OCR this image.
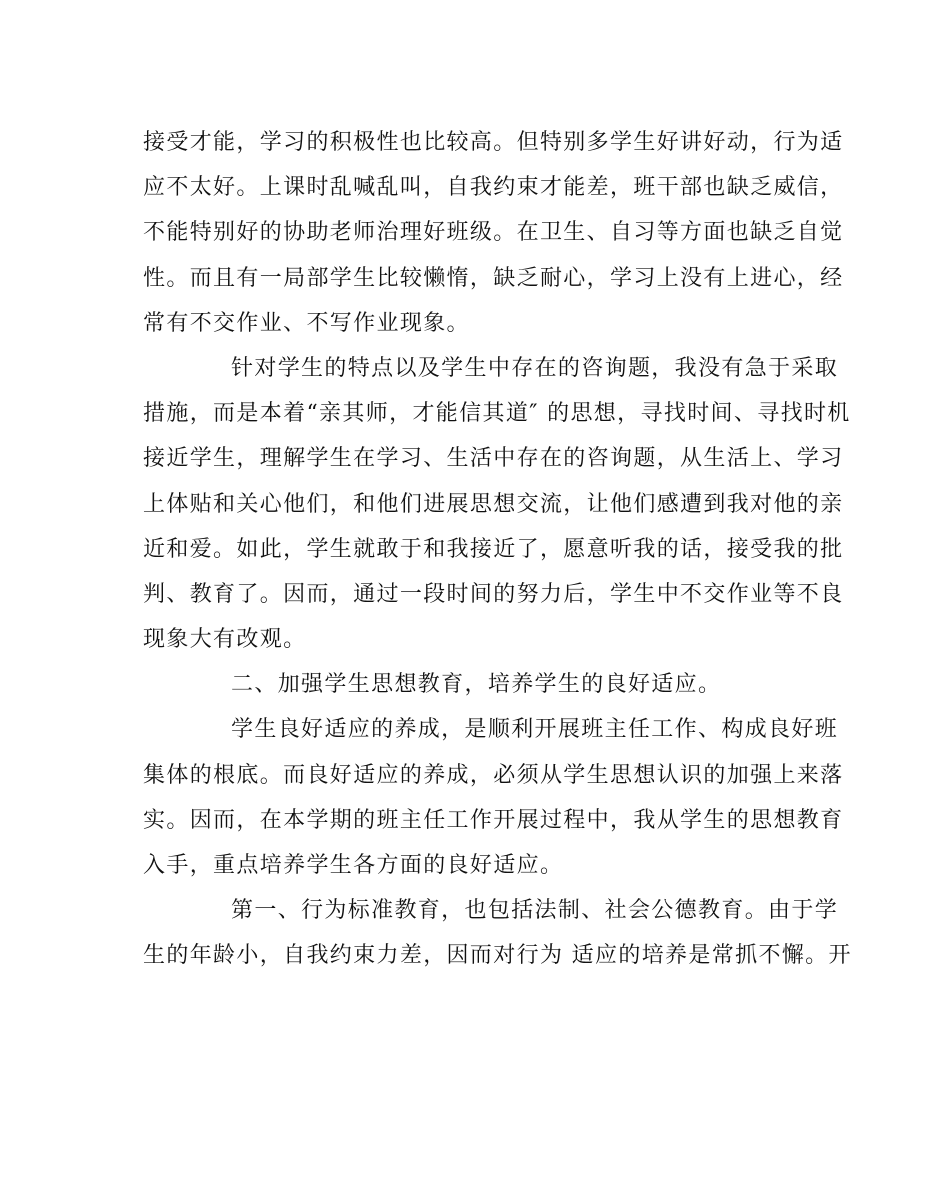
接受才能，学习的积极性也比较高。但特别多学生好讲好动，行为适
应不太好。上课时乱喊乱叫，自我约束才能差，班干部也缺乏威信，
不能特别好的协助老师治理好班级。在卫生、自习等方面也缺乏自觉
性。而且有一局部学生比较懒惰，缺乏耐心，学习上没有上进心，经
常有不交作业、不写作业现象。
针对学生的特点以及学生中存在的咨询题，我没有急于采取
措施，而是本着“亲其师，才能信其道″ 的思想，寻找时间、寻找时机
接近学生，理解学生在学习、生活中存在的咨询题，从生活上、学习
上体贴和关心他们，和他们进展思想交流，让他们感遭到我对他的亲
近和爱。如此，学生就敢于和我接近了，愿意听我的话，接受我的批
判、教育了。因而，通过一段时间的努力后，学生中不交作业等不良
现象大有改观。
二、加强学生思想教育，培养学生的良好适应。
学生良好适应的养成，是顺利开展班主任工作、构成良好班
集体的根底。而良好适应的养成，必须从学生思想认识的加强上来落
实。因而，在本学期的班主任工作开展过程中，我从学生的思想教育
入手，重点培养学生各方面的良好适应。
第一、行为标准教育，也包括法制、社会公德教育。由于学
生的年龄小，自我约束力差，因而对行为 适应的培养是常抓不懈。开
